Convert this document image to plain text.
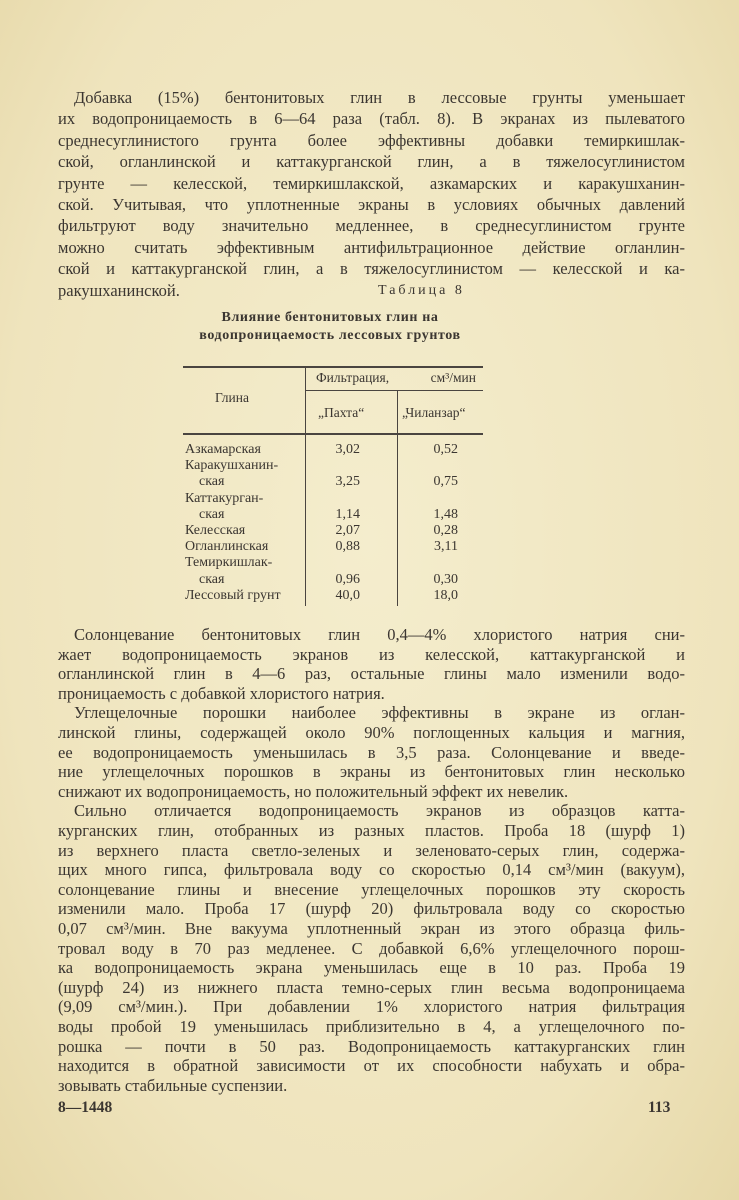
Добавка (15%) бентонитовых глин в лессовые грунты уменьшает
их водопроницаемость в 6—64 раза (табл. 8). В экранах из пылеватого
среднесуглинистого грунта более эффективны добавки темиркишлак-
ской, огланлинской и каттакурганской глин, а в тяжелосуглинистом
грунте — келесской, темиркишлакской, азкамарских и каракушханин-
ской. Учитывая, что уплотненные экраны в условиях обычных давлений
фильтруют воду значительно медленнее, в среднесуглинистом грунте
можно считать эффективным антифильтрационное действие огланлин-
ской и каттакурганской глин, а в тяжелосуглинистом — келесской и ка-
ракушханинской.
Солонцевание бентонитовых глин 0,4—4% хлористого натрия сни-
жает водопроницаемость экранов из келесской, каттакурганской и
огланлинской глин в 4—6 раз, остальные глины мало изменили водо-
проницаемость с добавкой хлористого натрия.
Углещелочные порошки наиболее эффективны в экране из оглан-
линской глины, содержащей около 90% поглощенных кальция и магния,
ее водопроницаемость уменьшилась в 3,5 раза. Солонцевание и введе-
ние углещелочных порошков в экраны из бентонитовых глин несколько
снижают их водопроницаемость, но положительный эффект их невелик.
Сильно отличается водопроницаемость экранов из образцов катта-
курганских глин, отобранных из разных пластов. Проба 18 (шурф 1)
из верхнего пласта светло-зеленых и зеленовато-серых глин, содержа-
щих много гипса, фильтровала воду со скоростью 0,14 см³/мин (вакуум),
солонцевание глины и внесение углещелочных порошков эту скорость
изменили мало. Проба 17 (шурф 20) фильтровала воду со скоростью
0,07 см³/мин. Вне вакуума уплотненный экран из этого образца филь-
тровал воду в 70 раз медленее. С добавкой 6,6% углещелочного порош-
ка водопроницаемость экрана уменьшилась еще в 10 раз. Проба 19
(шурф 24) из нижнего пласта темно-серых глин весьма водопроницаема
(9,09 см³/мин.). При добавлении 1% хлористого натрия фильтрация
воды пробой 19 уменьшилась приблизительно в 4, а углещелочного по-
рошка — почти в 50 раз. Водопроницаемость каттакурганских глин
находится в обратной зависимости от их способности набухать и обра-
зовывать стабильные суспензии.
Таблица 8
Влияние бентонитовых глин на
водопроницаемость лессовых грунтов
Глина
Фильтрация, см³/мин
„Пахта“	„Чиланзар“
Азкамарская	3,02	0,52
Каракушханин-
ская	3,25	0,75
Каттакурган-
ская	1,14	1,48
Келесская	2,07	0,28
Огланлинская	0,88	3,11
Темиркишлак-
ская	0,96	0,30
Лессовый грунт	40,0	18,0
8—1448	113
